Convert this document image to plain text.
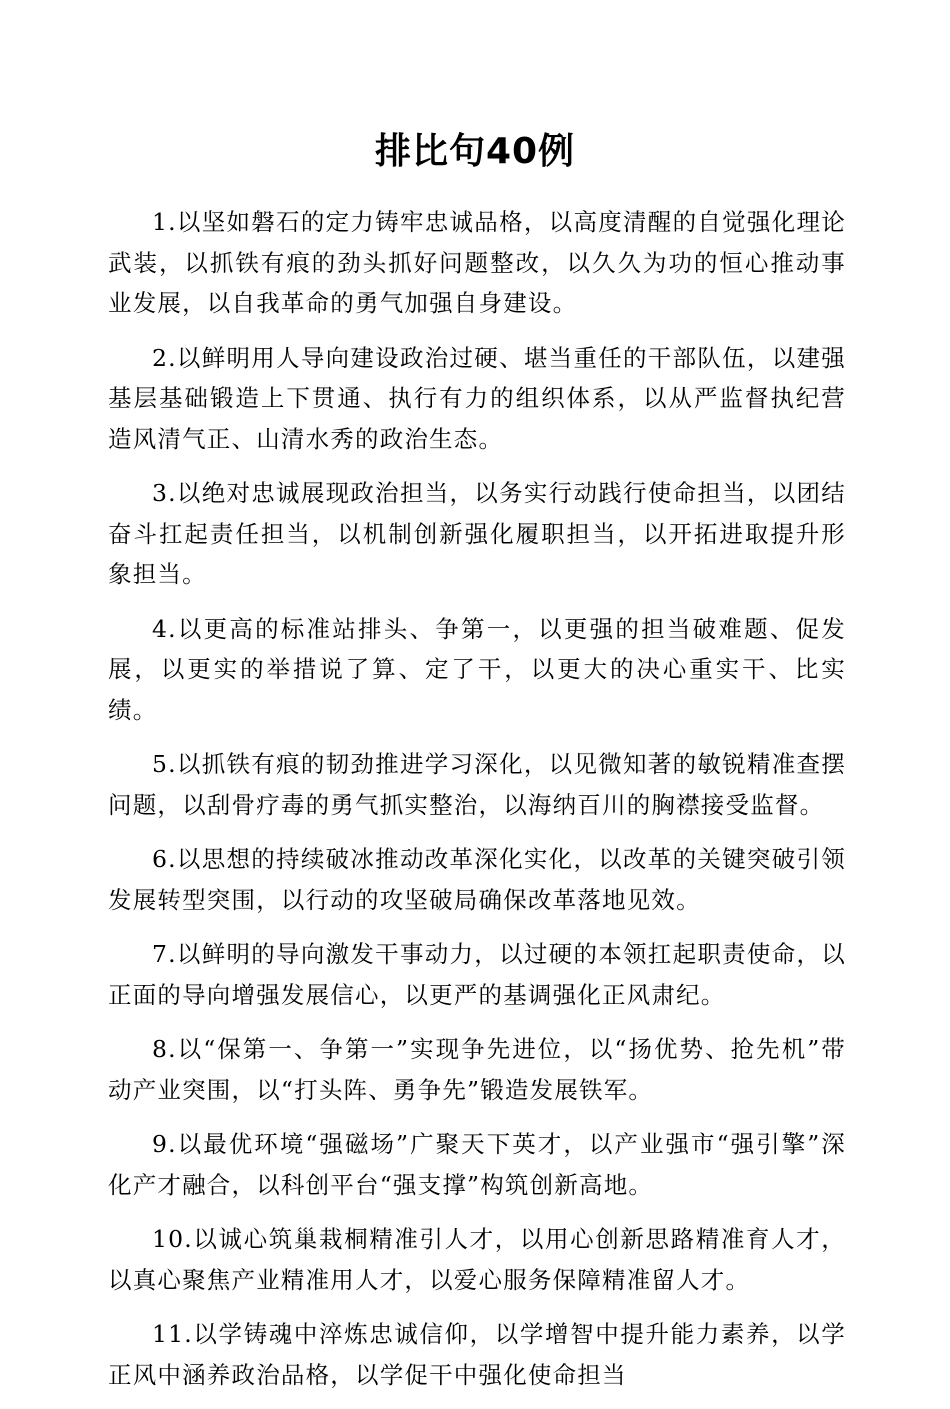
排比句40例

1.以坚如磐石的定力铸牢忠诚品格，以高度清醒的自觉强化理论武装，以抓铁有痕的劲头抓好问题整改，以久久为功的恒心推动事业发展，以自我革命的勇气加强自身建设。

2.以鲜明用人导向建设政治过硬、堪当重任的干部队伍，以建强基层基础锻造上下贯通、执行有力的组织体系，以从严监督执纪营造风清气正、山清水秀的政治生态。

3.以绝对忠诚展现政治担当，以务实行动践行使命担当，以团结奋斗扛起责任担当，以机制创新强化履职担当，以开拓进取提升形象担当。

4.以更高的标准站排头、争第一，以更强的担当破难题、促发展，以更实的举措说了算、定了干，以更大的决心重实干、比实绩。

5.以抓铁有痕的韧劲推进学习深化，以见微知著的敏锐精准查摆问题，以刮骨疗毒的勇气抓实整治，以海纳百川的胸襟接受监督。

6.以思想的持续破冰推动改革深化实化，以改革的关键突破引领发展转型突围，以行动的攻坚破局确保改革落地见效。

7.以鲜明的导向激发干事动力，以过硬的本领扛起职责使命，以正面的导向增强发展信心，以更严的基调强化正风肃纪。

8.以“保第一、争第一”实现争先进位，以“扬优势、抢先机”带动产业突围，以“打头阵、勇争先”锻造发展铁军。

9.以最优环境“强磁场”广聚天下英才，以产业强市“强引擎”深化产才融合，以科创平台“强支撑”构筑创新高地。

10.以诚心筑巢栽桐精准引人才，以用心创新思路精准育人才，以真心聚焦产业精准用人才，以爱心服务保障精准留人才。

11.以学铸魂中淬炼忠诚信仰，以学增智中提升能力素养，以学正风中涵养政治品格，以学促干中强化使命担当
